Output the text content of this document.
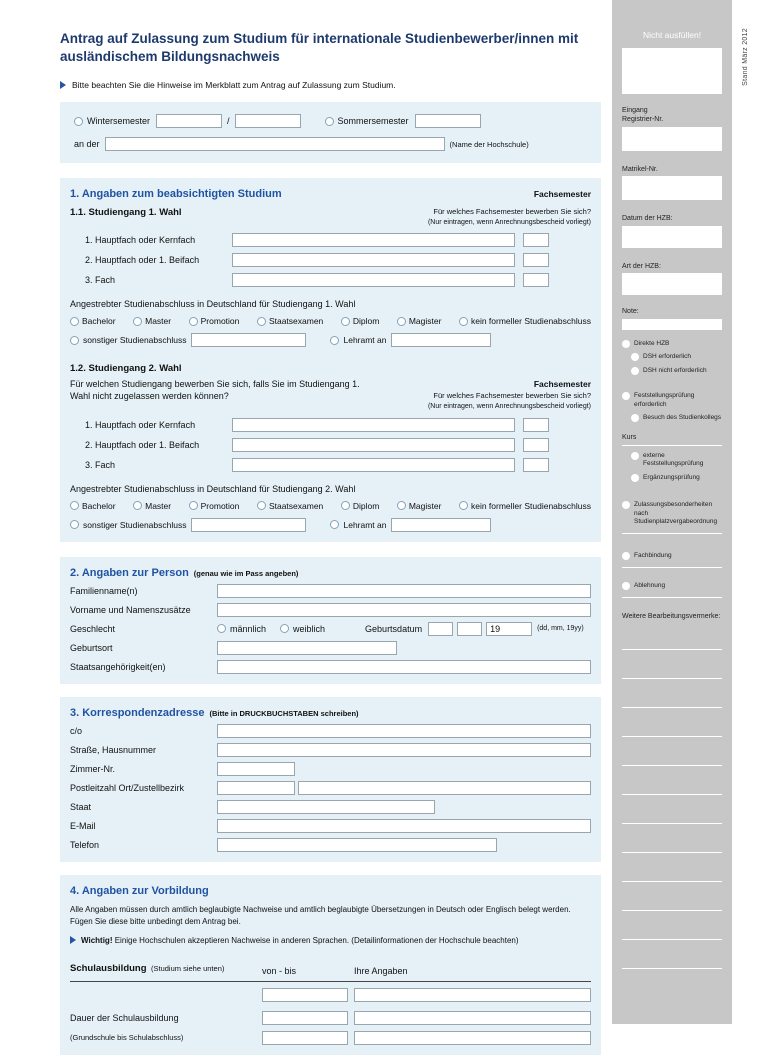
Antrag auf Zulassung zum Studium für internationale Studienbewerber/innen mit ausländischem Bildungsnachweis
Bitte beachten Sie die Hinweise im Merkblatt zum Antrag auf Zulassung zum Studium.
Wintersemester	/	Sommersemester
an der	(Name der Hochschule)
1. Angaben zum beabsichtigten Studium	Fachsemester
1.1. Studiengang 1. Wahl	Für welches Fachsemester bewerben Sie sich?
(Nur eintragen, wenn Anrechnungsbescheid vorliegt)
1. Hauptfach oder Kernfach
2. Hauptfach oder 1. Beifach
3. Fach
Angestrebter Studienabschluss in Deutschland für Studiengang 1. Wahl
Bachelor	Master	Promotion	Staatsexamen	Diplom	Magister	kein formeller Studienabschluss
sonstiger Studienabschluss	Lehramt an
1.2. Studiengang 2. Wahl
Für welchen Studiengang bewerben Sie sich, falls Sie im Studiengang 1. Wahl nicht zugelassen werden können?
Fachsemester
Für welches Fachsemester bewerben Sie sich?
(Nur eintragen, wenn Anrechnungsbescheid vorliegt)
1. Hauptfach oder Kernfach
2. Hauptfach oder 1. Beifach
3. Fach
Angestrebter Studienabschluss in Deutschland für Studiengang 2. Wahl
Bachelor	Master	Promotion	Staatsexamen	Diplom	Magister	kein formeller Studienabschluss
sonstiger Studienabschluss	Lehramt an
2. Angaben zur Person (genau wie im Pass angeben)
Familienname(n)
Vorname und Namenszusätze
Geschlecht	männlich	weiblich	Geburtsdatum
19	(dd, mm, 19yy)
Geburtsort
Staatsangehörigkeit(en)
3. Korrespondenzadresse (Bitte in DRUCKBUCHSTABEN schreiben)
c/o
Straße, Hausnummer
Zimmer-Nr.
Postleitzahl Ort/Zustellbezirk
Staat
E-Mail
Telefon
4. Angaben zur Vorbildung
Alle Angaben müssen durch amtlich beglaubigte Nachweise und amtlich beglaubigte Übersetzungen in Deutsch oder Englisch belegt werden.
Fügen Sie diese bitte unbedingt dem Antrag bei.
Wichtig! Einige Hochschulen akzeptieren Nachweise in anderen Sprachen. (Detailinformationen der Hochschule beachten)
Schulausbildung (Studium siehe unten)	von - bis	Ihre Angaben
Dauer der Schulausbildung
(Grundschule bis Schulabschluss)
Nicht ausfüllen!
Eingang
Registrier-Nr.
Matrikel-Nr.
Datum der HZB:
Art der HZB:
Note:
Direkte HZB
DSH erforderlich
DSH nicht erforderlich
Feststellungsprüfung erforderlich
Besuch des Studienkollegs
Kurs
externe Feststellungsprüfung
Ergänzungsprüfung
Zulassungsbesonderheiten nach Studienplatzvergabeordnung
Fachbindung
Ablehnung
Weitere Bearbeitungsvermerke:
Stand März 2012
